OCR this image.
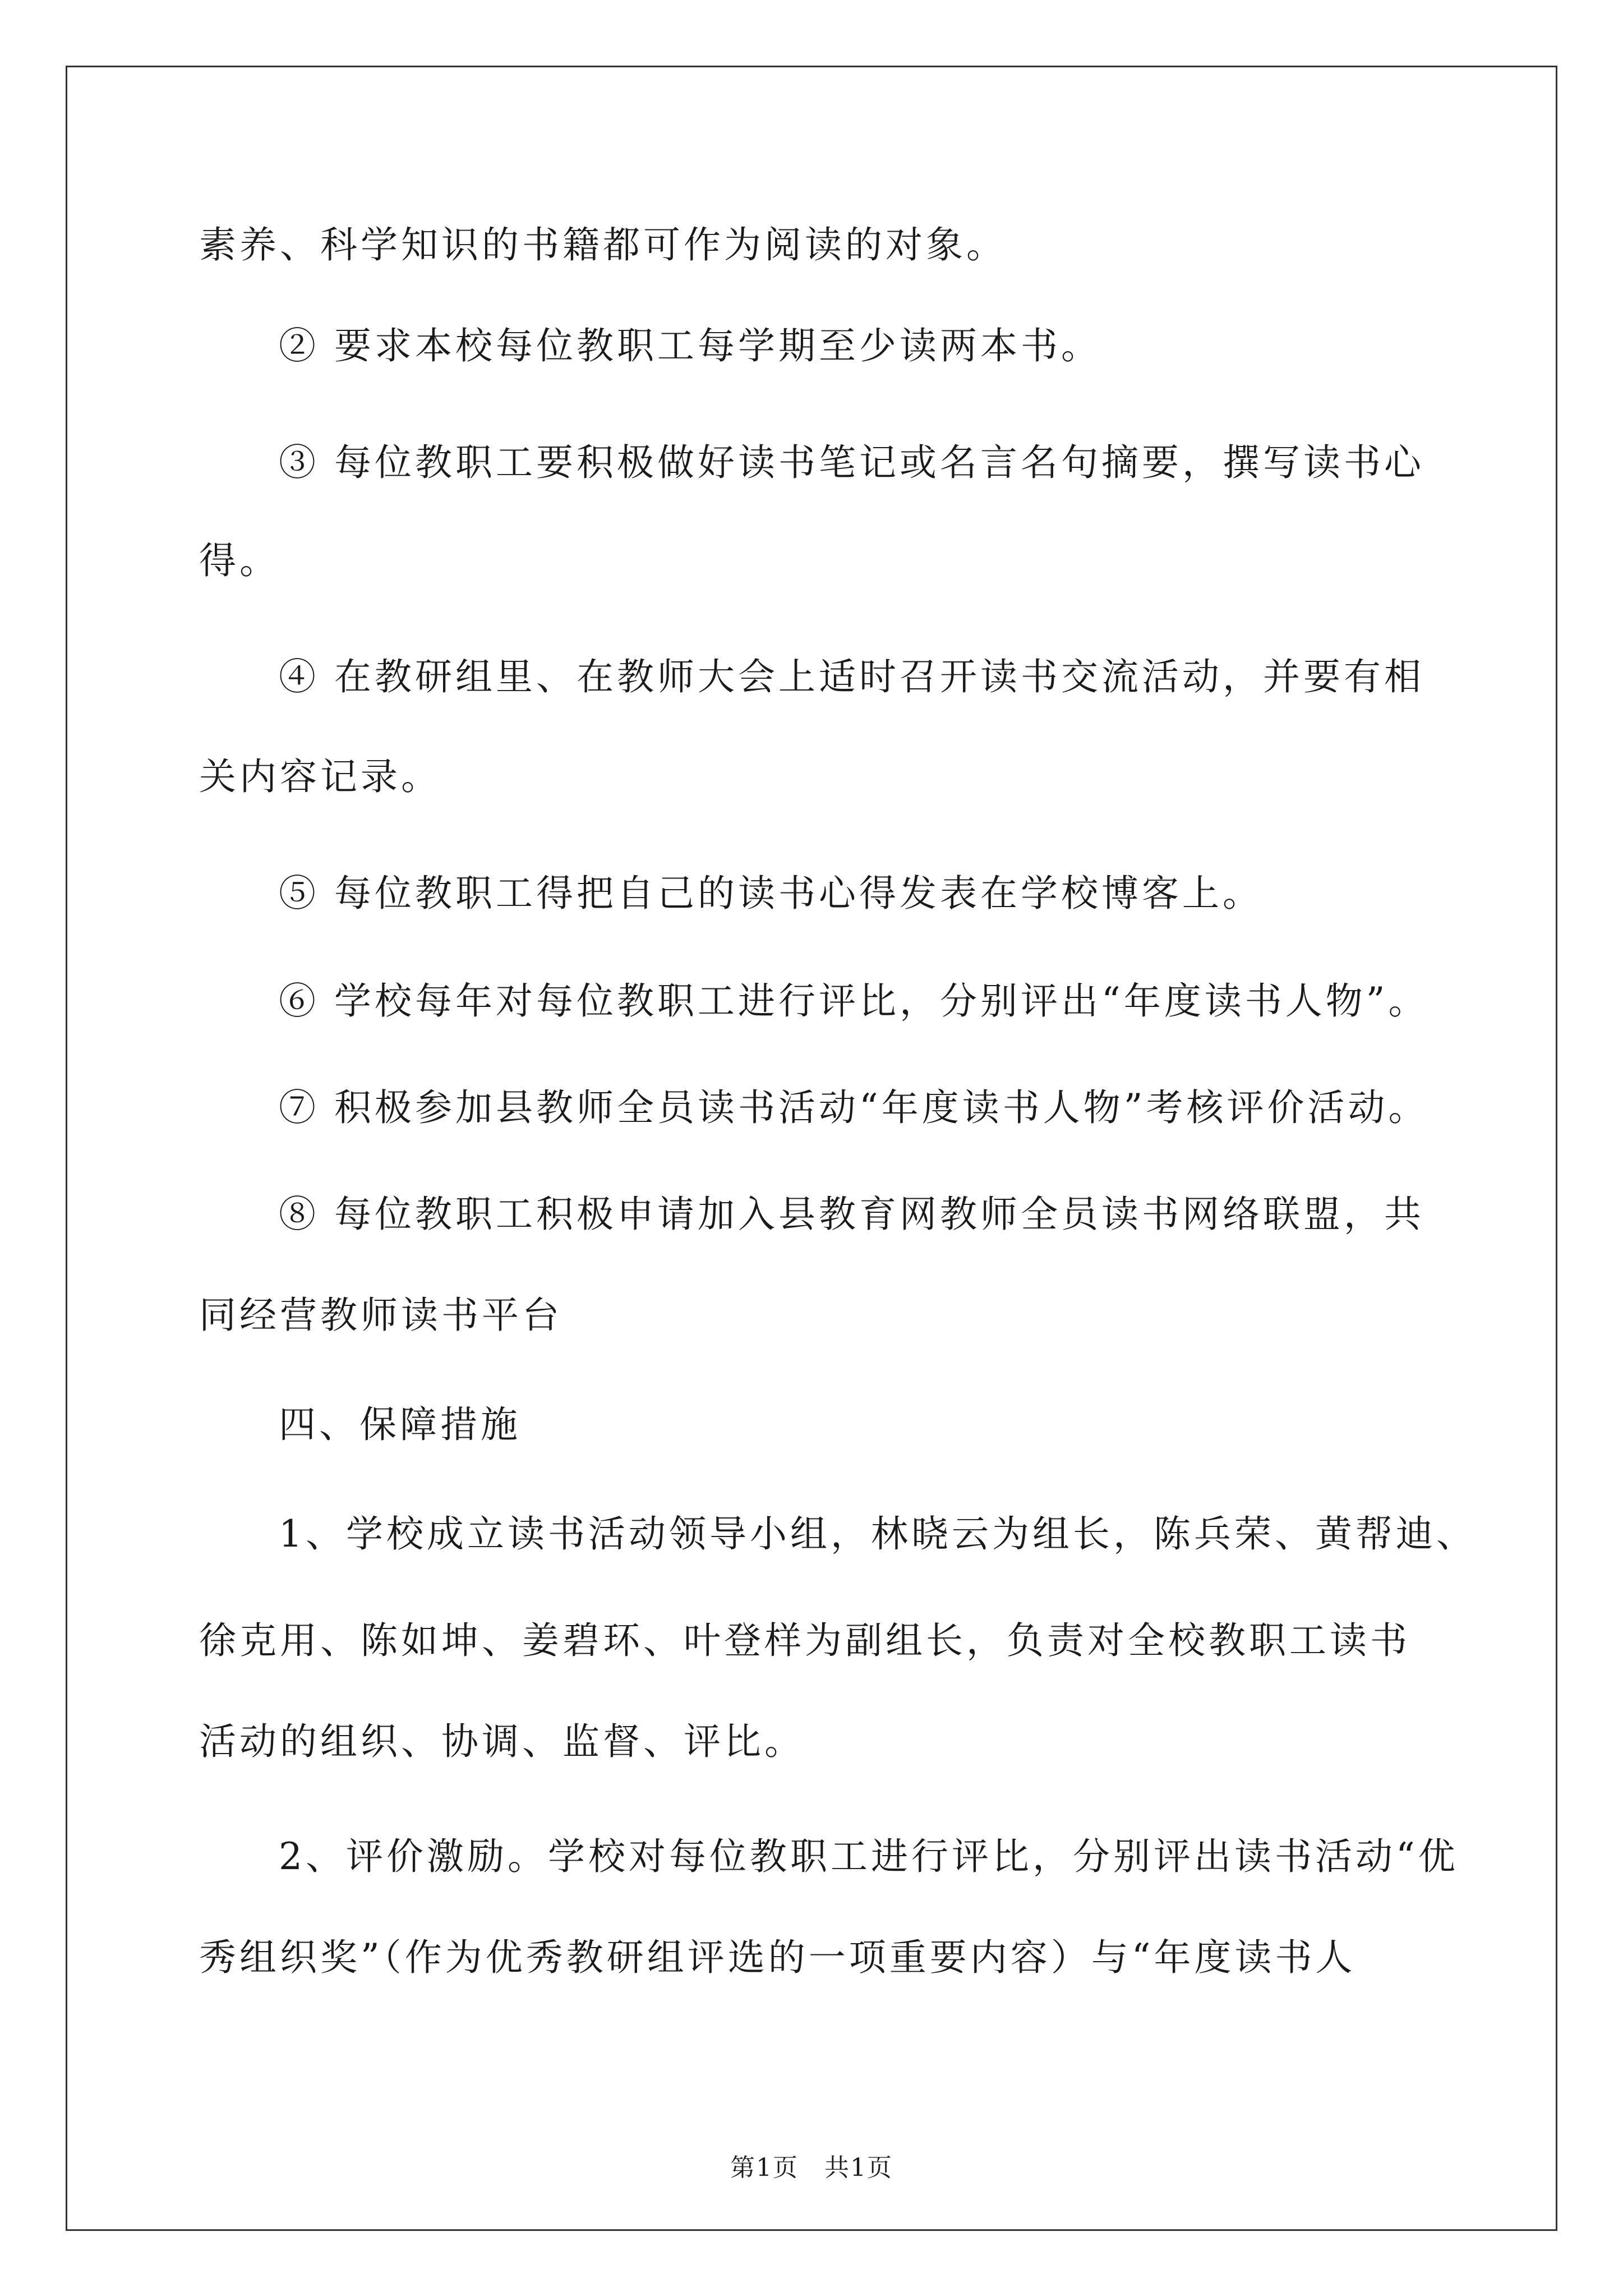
素养、科学知识的书籍都可作为阅读的对象。
② 要求本校每位教职工每学期至少读两本书。
③ 每位教职工要积极做好读书笔记或名言名句摘要，撰写读书心
得。
④ 在教研组里、在教师大会上适时召开读书交流活动，并要有相
关内容记录。
⑤ 每位教职工得把自己的读书心得发表在学校博客上。
⑥ 学校每年对每位教职工进行评比，分别评出“年度读书人物”。
⑦ 积极参加县教师全员读书活动“年度读书人物”考核评价活动。
⑧ 每位教职工积极申请加入县教育网教师全员读书网络联盟，共
同经营教师读书平台
四、保障措施
1、学校成立读书活动领导小组，林晓云为组长，陈兵荣、黄帮迪、
徐克用、陈如坤、姜碧环、叶登样为副组长，负责对全校教职工读书
活动的组织、协调、监督、评比。
2、评价激励。学校对每位教职工进行评比，分别评出读书活动“优
秀组织奖”（作为优秀教研组评选的一项重要内容）与“年度读书人
第1页　共1页
